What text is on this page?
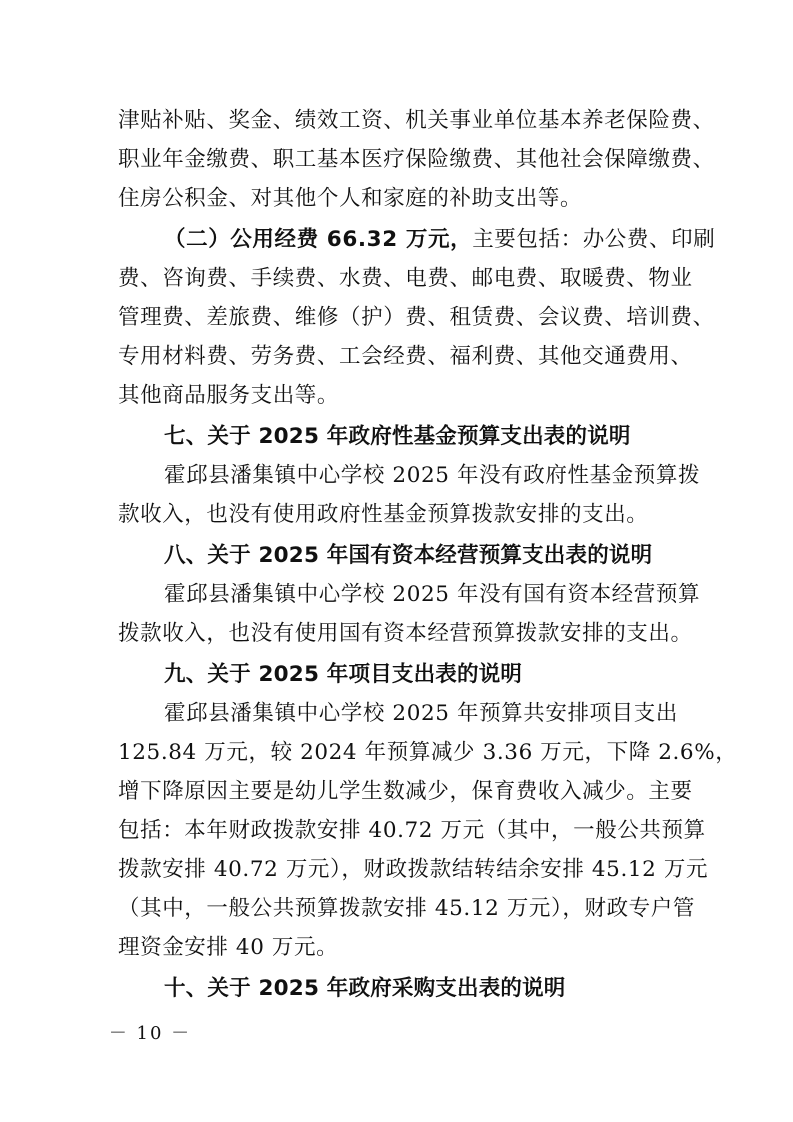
津贴补贴、奖金、绩效工资、机关事业单位基本养老保险费、

职业年金缴费、职工基本医疗保险缴费、其他社会保障缴费、

住房公积金、对其他个人和家庭的补助支出等。

（二）公用经费 66.32 万元，主要包括：办公费、印刷

费、咨询费、手续费、水费、电费、邮电费、取暖费、物业

管理费、差旅费、维修（护）费、租赁费、会议费、培训费、

专用材料费、劳务费、工会经费、福利费、其他交通费用、

其他商品服务支出等。

七、关于 2025 年政府性基金预算支出表的说明

霍邱县潘集镇中心学校 2025 年没有政府性基金预算拨

款收入，也没有使用政府性基金预算拨款安排的支出。

八、关于 2025 年国有资本经营预算支出表的说明

霍邱县潘集镇中心学校 2025 年没有国有资本经营预算

拨款收入，也没有使用国有资本经营预算拨款安排的支出。

九、关于 2025 年项目支出表的说明

霍邱县潘集镇中心学校 2025 年预算共安排项目支出

125.84 万元，较 2024 年预算减少 3.36 万元，下降 2.6%，

增下降原因主要是幼儿学生数减少，保育费收入减少。主要

包括：本年财政拨款安排 40.72 万元（其中，一般公共预算

拨款安排 40.72 万元），财政拨款结转结余安排 45.12 万元

（其中，一般公共预算拨款安排 45.12 万元），财政专户管

理资金安排 40 万元。

十、关于 2025 年政府采购支出表的说明

－ 10 －
